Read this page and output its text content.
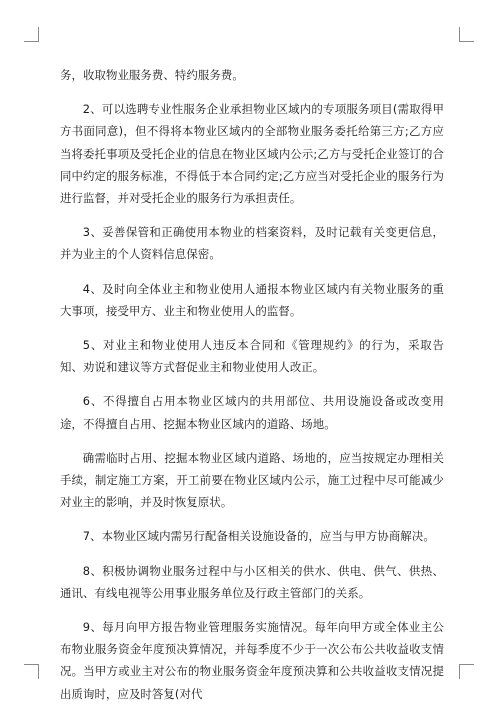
务，收取物业服务费、特约服务费。

2、可以选聘专业性服务企业承担物业区域内的专项服务项目(需取得甲方书面同意)，但不得将本物业区域内的全部物业服务委托给第三方;乙方应当将委托事项及受托企业的信息在物业区域内公示;乙方与受托企业签订的合同中约定的服务标准，不得低于本合同约定;乙方应当对受托企业的服务行为进行监督，并对受托企业的服务行为承担责任。

3、妥善保管和正确使用本物业的档案资料，及时记载有关变更信息，并为业主的个人资料信息保密。

4、及时向全体业主和物业使用人通报本物业区域内有关物业服务的重大事项，接受甲方、业主和物业使用人的监督。

5、对业主和物业使用人违反本合同和《管理规约》的行为，采取告知、劝说和建议等方式督促业主和物业使用人改正。

6、不得擅自占用本物业区域内的共用部位、共用设施设备或改变用途，不得擅自占用、挖掘本物业区域内的道路、场地。

确需临时占用、挖掘本物业区域内道路、场地的，应当按规定办理相关手续，制定施工方案，开工前要在物业区域内公示，施工过程中尽可能减少对业主的影响，并及时恢复原状。

7、本物业区域内需另行配备相关设施设备的，应当与甲方协商解决。

8、积极协调物业服务过程中与小区相关的供水、供电、供气、供热、通讯、有线电视等公用事业服务单位及行政主管部门的关系。

9、每月向甲方报告物业管理服务实施情况。每年向甲方或全体业主公布物业服务资金年度预决算情况，并每季度不少于一次公布公共收益收支情况。当甲方或业主对公布的物业服务资金年度预决算和公共收益收支情况提出质询时，应及时答复(对代
